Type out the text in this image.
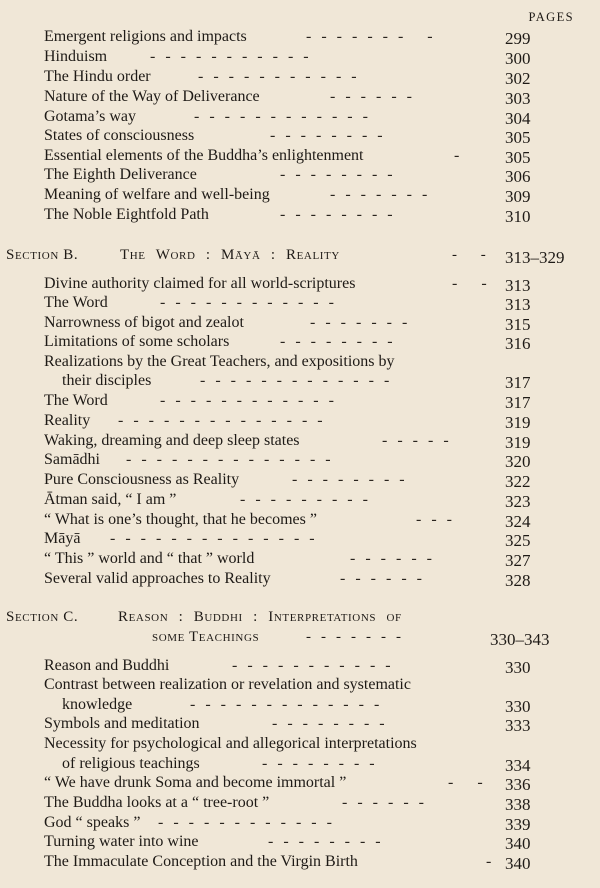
PAGES
Emergent religions and impacts	------- -	299
Hinduism	-----------	300
The Hindu order	-----------	302
Nature of the Way of Deliverance	------	303
Gotama’s way	------------	304
States of consciousness	--------	305
Essential elements of the Buddha’s enlightenment	- 305
The Eighth Deliverance	--------	306
Meaning of welfare and well-being	-------	309
The Noble Eightfold Path	--------	310
Section B.	The Word : Māyā : Reality	- - 313–329
Divine authority claimed for all world-scriptures	- - 313
The Word	------------	313
Narrowness of bigot and zealot	-------	315
Limitations of some scholars	--------	316
Realizations by the Great Teachers, and expositions by
their disciples	-------------	317
The Word	------------	317
Reality --------------	319
Waking, dreaming and deep sleep states	-----	319
Samādhi --------------	320
Pure Consciousness as Reality	--------	322
Ātman said, “ I am ”	---------	323
“ What is one’s thought, that he becomes ”	---	324
Māyā --------------	325
“ This ” world and “ that ” world	------	327
Several valid approaches to Reality	------	328
Section C.	Reason : Buddhi : Interpretations of
some Teachings	-------	330–343
Reason and Buddhi	-----------	330
Contrast between realization or revelation and systematic
knowledge	-------------	330
Symbols and meditation	--------	333
Necessity for psychological and allegorical interpretations
of religious teachings	--------	334
“ We have drunk Soma and become immortal ”	- - 336
The Buddha looks at a “ tree-root ”	------	338
God “ speaks ” ------------	339
Turning water into wine	--------	340
The Immaculate Conception and the Virgin Birth	- 340
